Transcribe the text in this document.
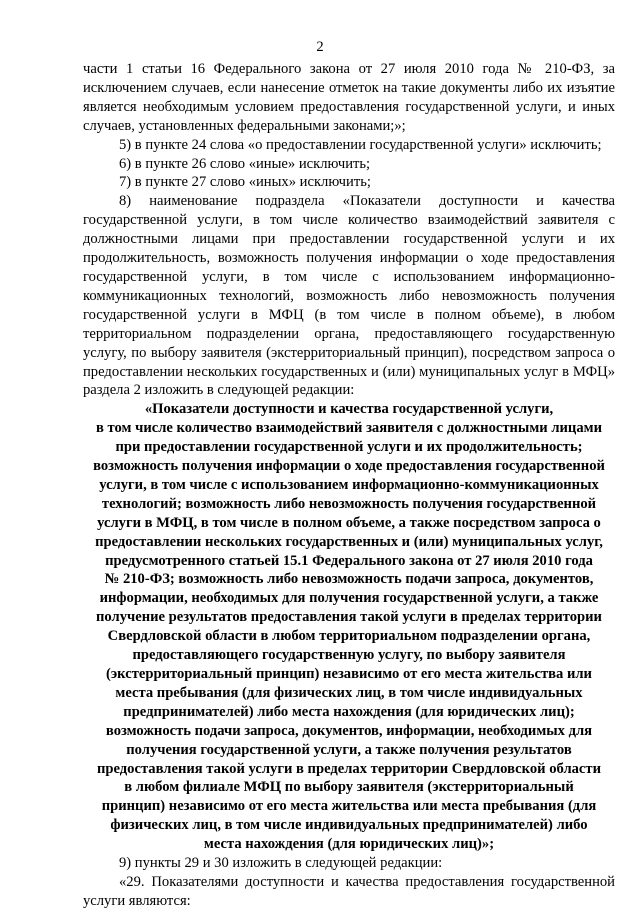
2

части 1 статьи 16 Федерального закона от 27 июля 2010 года № 210-ФЗ, за исключением случаев, если нанесение отметок на такие документы либо их изъятие является необходимым условием предоставления государственной услуги, и иных случаев, установленных федеральными законами;»;

5) в пункте 24 слова «о предоставлении государственной услуги» исключить;

6) в пункте 26 слово «иные» исключить;

7) в пункте 27 слово «иных» исключить;

8) наименование подраздела «Показатели доступности и качества государственной услуги, в том числе количество взаимодействий заявителя с должностными лицами при предоставлении государственной услуги и их продолжительность, возможность получения информации о ходе предоставления государственной услуги, в том числе с использованием информационно-коммуникационных технологий, возможность либо невозможность получения государственной услуги в МФЦ (в том числе в полном объеме), в любом территориальном подразделении органа, предоставляющего государственную услугу, по выбору заявителя (экстерриториальный принцип), посредством запроса о предоставлении нескольких государственных и (или) муниципальных услуг в МФЦ» раздела 2 изложить в следующей редакции:

«Показатели доступности и качества государственной услуги,
в том числе количество взаимодействий заявителя с должностными лицами
при предоставлении государственной услуги и их продолжительность;
возможность получения информации о ходе предоставления государственной
услуги, в том числе с использованием информационно-коммуникационных
технологий; возможность либо невозможность получения государственной
услуги в МФЦ, в том числе в полном объеме, а также посредством запроса о
предоставлении нескольких государственных и (или) муниципальных услуг,
предусмотренного статьей 15.1 Федерального закона от 27 июля 2010 года
№ 210-ФЗ; возможность либо невозможность подачи запроса, документов,
информации, необходимых для получения государственной услуги, а также
получение результатов предоставления такой услуги в пределах территории
Свердловской области в любом территориальном подразделении органа,
предоставляющего государственную услугу, по выбору заявителя
(экстерриториальный принцип) независимо от его места жительства или
места пребывания (для физических лиц, в том числе индивидуальных
предпринимателей) либо места нахождения (для юридических лиц);
возможность подачи запроса, документов, информации, необходимых для
получения государственной услуги, а также получения результатов
предоставления такой услуги в пределах территории Свердловской области
в любом филиале МФЦ по выбору заявителя (экстерриториальный
принцип) независимо от его места жительства или места пребывания (для
физических лиц, в том числе индивидуальных предпринимателей) либо
места нахождения (для юридических лиц)»;

9) пункты 29 и 30 изложить в следующей редакции:

«29. Показателями доступности и качества предоставления государственной услуги являются:
